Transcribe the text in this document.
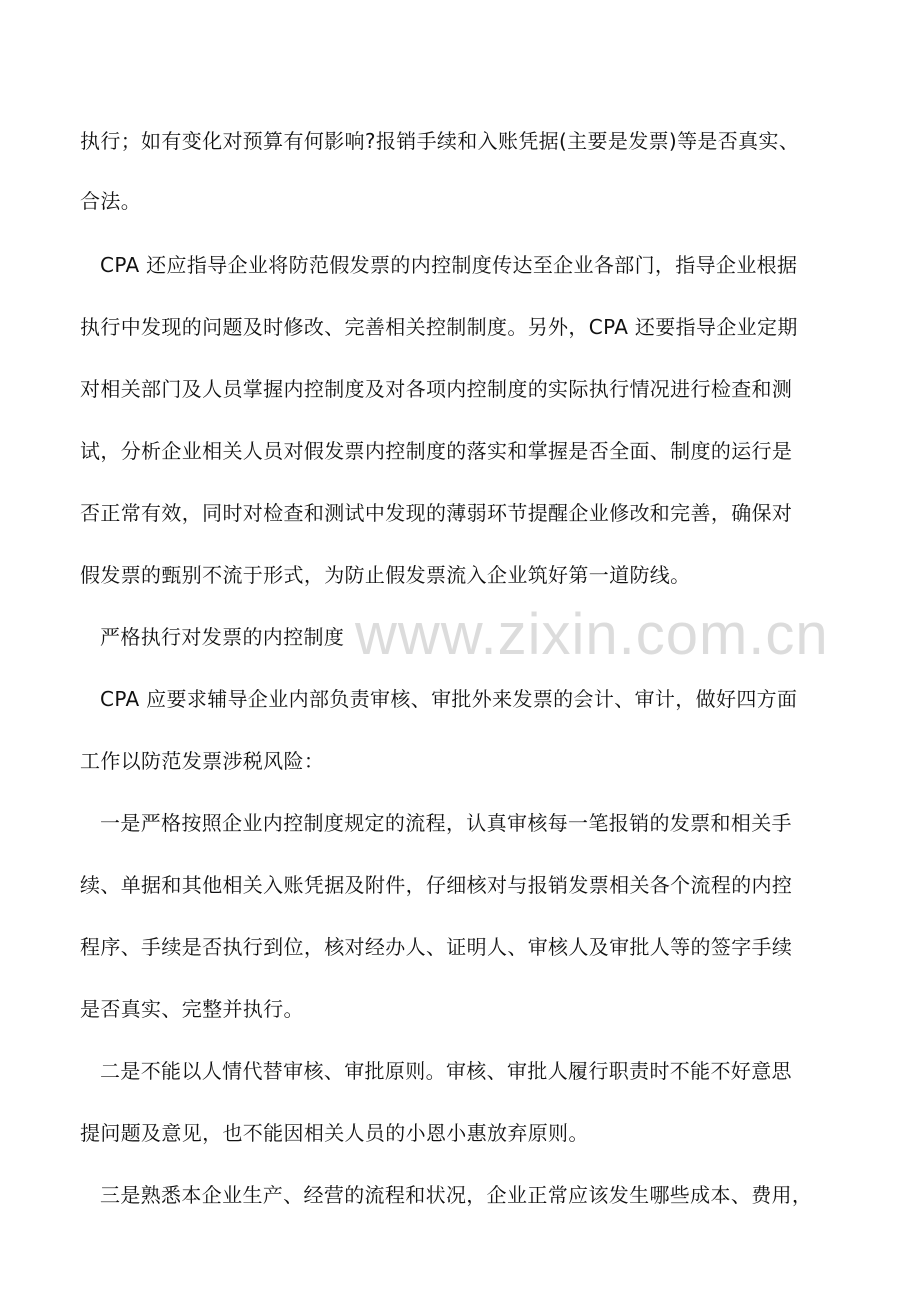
www.zixin.com.cn
执行；如有变化对预算有何影响?报销手续和入账凭据(主要是发票)等是否真实、
合法。
CPA 还应指导企业将防范假发票的内控制度传达至企业各部门，指导企业根据
执行中发现的问题及时修改、完善相关控制制度。另外，CPA 还要指导企业定期
对相关部门及人员掌握内控制度及对各项内控制度的实际执行情况进行检查和测
试，分析企业相关人员对假发票内控制度的落实和掌握是否全面、制度的运行是
否正常有效，同时对检查和测试中发现的薄弱环节提醒企业修改和完善，确保对
假发票的甄别不流于形式，为防止假发票流入企业筑好第一道防线。
严格执行对发票的内控制度
CPA 应要求辅导企业内部负责审核、审批外来发票的会计、审计，做好四方面
工作以防范发票涉税风险：
一是严格按照企业内控制度规定的流程，认真审核每一笔报销的发票和相关手
续、单据和其他相关入账凭据及附件，仔细核对与报销发票相关各个流程的内控
程序、手续是否执行到位，核对经办人、证明人、审核人及审批人等的签字手续
是否真实、完整并执行。
二是不能以人情代替审核、审批原则。审核、审批人履行职责时不能不好意思
提问题及意见，也不能因相关人员的小恩小惠放弃原则。
三是熟悉本企业生产、经营的流程和状况，企业正常应该发生哪些成本、费用，
